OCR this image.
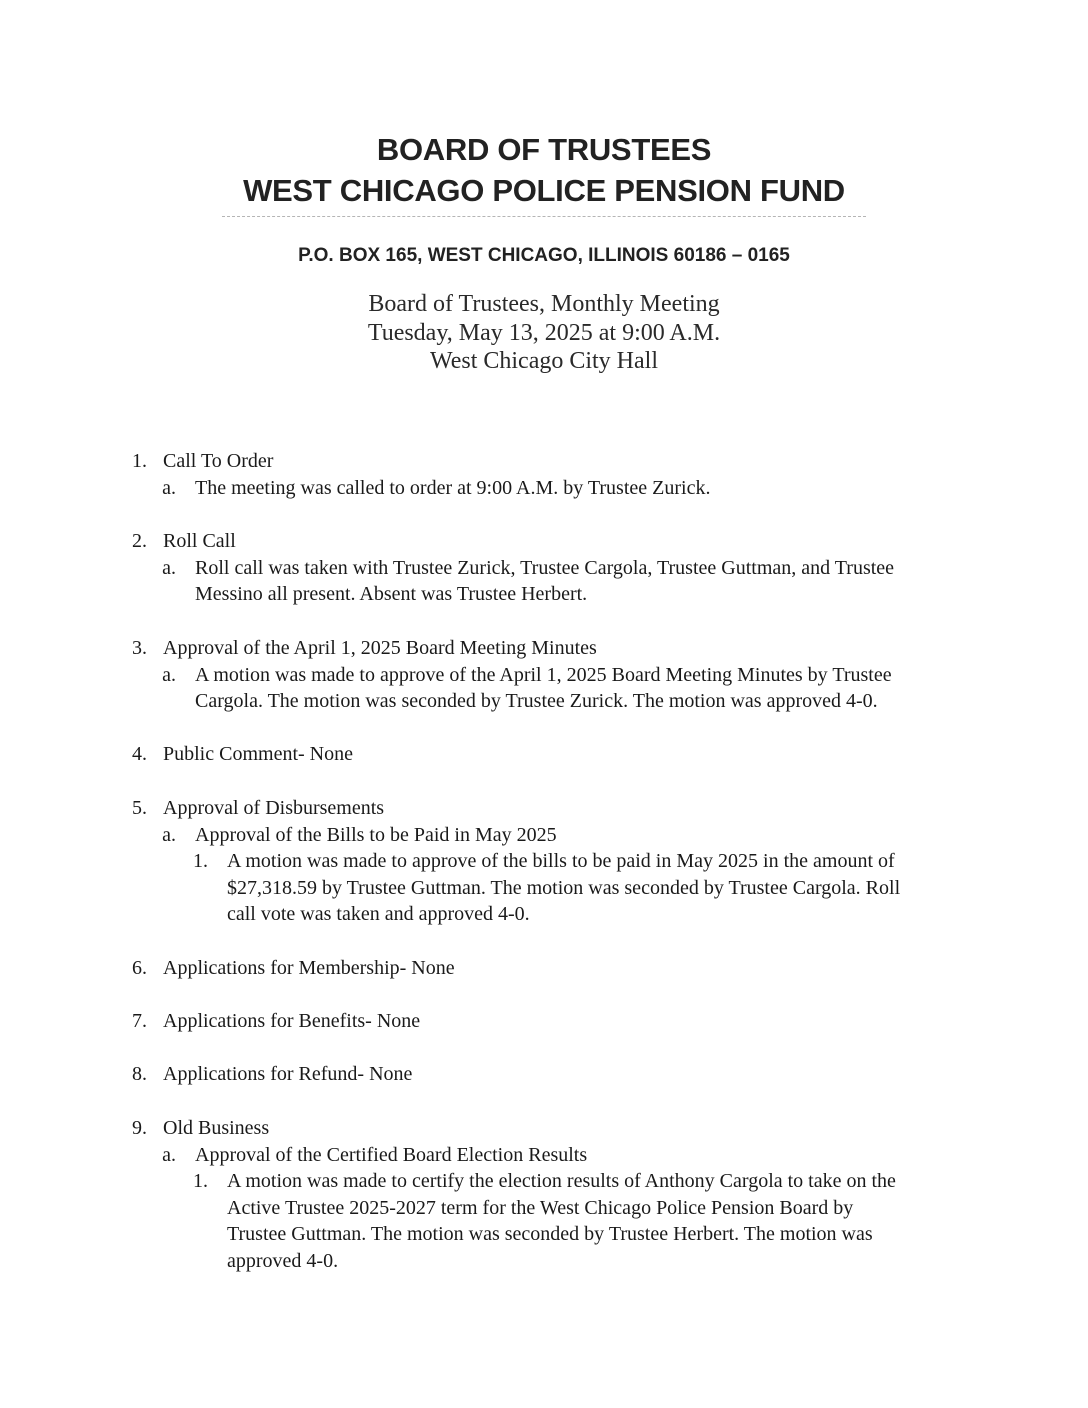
BOARD OF TRUSTEES
WEST CHICAGO POLICE PENSION FUND
P.O. BOX 165, WEST CHICAGO, ILLINOIS 60186 – 0165
Board of Trustees, Monthly Meeting
Tuesday, May 13, 2025 at 9:00 A.M.
West Chicago City Hall
1. Call To Order
a. The meeting was called to order at 9:00 A.M. by Trustee Zurick.
2. Roll Call
a. Roll call was taken with Trustee Zurick, Trustee Cargola, Trustee Guttman, and Trustee
Messino all present. Absent was Trustee Herbert.
3. Approval of the April 1, 2025 Board Meeting Minutes
a. A motion was made to approve of the April 1, 2025 Board Meeting Minutes by Trustee
Cargola. The motion was seconded by Trustee Zurick. The motion was approved 4-0.
4. Public Comment- None
5. Approval of Disbursements
a. Approval of the Bills to be Paid in May 2025
1. A motion was made to approve of the bills to be paid in May 2025 in the amount of
$27,318.59 by Trustee Guttman. The motion was seconded by Trustee Cargola. Roll
call vote was taken and approved 4-0.
6. Applications for Membership- None
7. Applications for Benefits- None
8. Applications for Refund- None
9. Old Business
a. Approval of the Certified Board Election Results
1. A motion was made to certify the election results of Anthony Cargola to take on the
Active Trustee 2025-2027 term for the West Chicago Police Pension Board by
Trustee Guttman. The motion was seconded by Trustee Herbert. The motion was
approved 4-0.
